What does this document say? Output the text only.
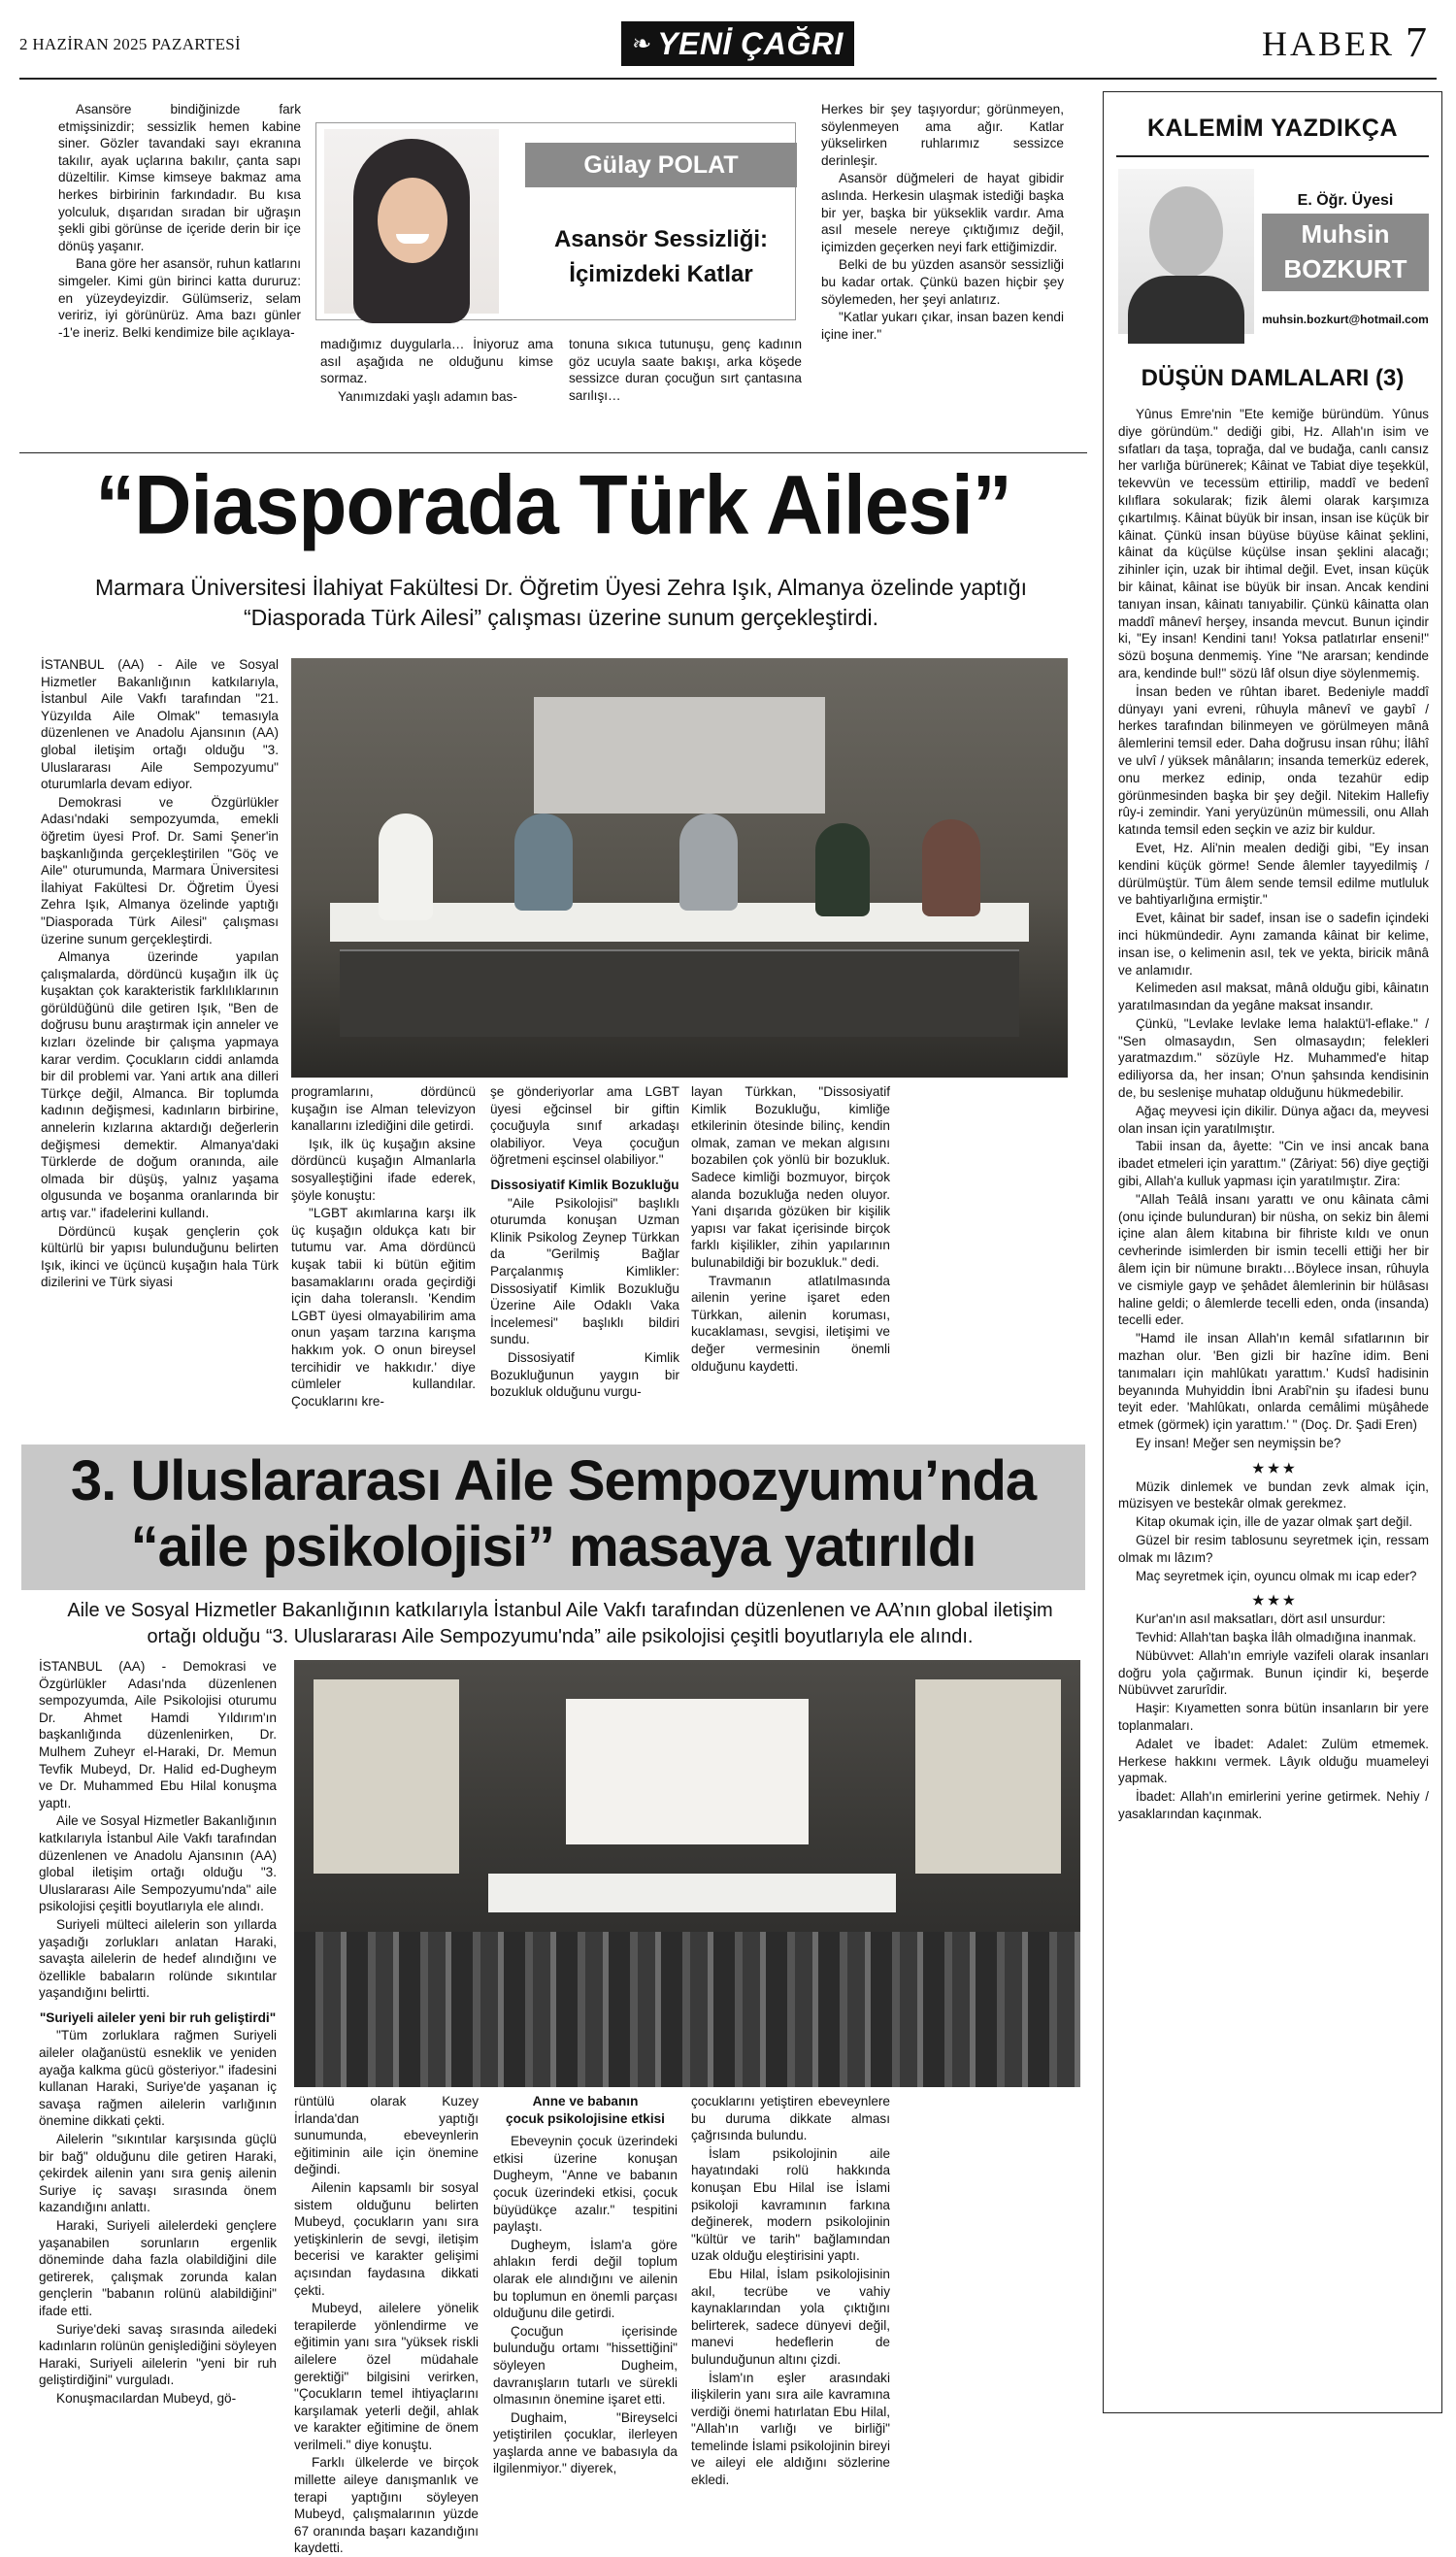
2 HAZİRAN 2025 PAZARTESİ	❧ YENİ ÇAĞRI	HABER 7

Asansöre bindiğinizde fark etmişsinizdir; sessizlik hemen kabine siner. Gözler tavandaki sayı ekranına takılır, ayak uçlarına bakılır, çanta sapı düzeltilir. Kimse kimseye bakmaz ama herkes birbirinin farkındadır. Bu kısa yolculuk, dışarıdan sıradan bir uğraşın şekli gibi görünse de içeride derin bir içe dönüş yaşanır.

Bana göre her asansör, ruhun katlarını simgeler. Kimi gün birinci katta dururuz: en yüzeydeyizdir. Gülümseriz, selam veririz, iyi görünürüz. Ama bazı günler -1'e ineriz. Belki kendimize bile açıklaya-

Gülay POLAT
Asansör Sessizliği:
İçimizdeki Katlar

madığımız duygularla… İniyoruz ama asıl aşağıda ne olduğunu kimse sormaz.

Yanımızdaki yaşlı adamın bas-

tonuna sıkıca tutunuşu, genç kadının göz ucuyla saate bakışı, arka köşede sessizce duran çocuğun sırt çantasına sarılışı…

Herkes bir şey taşıyordur; görünmeyen, söylenmeyen ama ağır. Katlar yükselirken ruhlarımız sessizce derinleşir.

Asansör düğmeleri de hayat gibidir aslında. Herkesin ulaşmak istediği başka bir yer, başka bir yükseklik vardır. Ama asıl mesele nereye çıktığımız değil, içimizden geçerken neyi fark ettiğimizdir.

Belki de bu yüzden asansör sessizliği bu kadar ortak. Çünkü bazen hiçbir şey söylemeden, her şeyi anlatırız.

"Katlar yukarı çıkar, insan bazen kendi içine iner."

“Diasporada Türk Ailesi”
Marmara Üniversitesi İlahiyat Fakültesi Dr. Öğretim Üyesi Zehra Işık, Almanya özelinde yaptığı “Diasporada Türk Ailesi” çalışması üzerine sunum gerçekleştirdi.

İSTANBUL (AA) - Aile ve Sosyal Hizmetler Bakanlığının katkılarıyla, İstanbul Aile Vakfı tarafından "21. Yüzyılda Aile Olmak" temasıyla düzenlenen ve Anadolu Ajansının (AA) global iletişim ortağı olduğu "3. Uluslararası Aile Sempozyumu" oturumlarla devam ediyor.

Demokrasi ve Özgürlükler Adası'ndaki sempozyumda, emekli öğretim üyesi Prof. Dr. Sami Şener'in başkanlığında gerçekleştirilen "Göç ve Aile" oturumunda, Marmara Üniversitesi İlahiyat Fakültesi Dr. Öğretim Üyesi Zehra Işık, Almanya özelinde yaptığı "Diasporada Türk Ailesi" çalışması üzerine sunum gerçekleştirdi.

Almanya üzerinde yapılan çalışmalarda, dördüncü kuşağın ilk üç kuşaktan çok karakteristik farklılıklarının görüldüğünü dile getiren Işık, "Ben de doğrusu bunu araştırmak için anneler ve kızları özelinde bir çalışma yapmaya karar verdim. Çocukların ciddi anlamda bir dil problemi var. Yani artık ana dilleri Türkçe değil, Almanca. Bir toplumda kadının değişmesi, kadınların birbirine, annelerin kızlarına aktardığı değerlerin değişmesi demektir. Almanya'daki Türklerde de doğum oranında, aile olmada bir düşüş, yalnız yaşama olgusunda ve boşanma oranlarında bir artış var." ifadelerini kullandı.

Dördüncü kuşak gençlerin çok kültürlü bir yapısı bulunduğunu belirten Işık, ikinci ve üçüncü kuşağın hala Türk dizilerini ve Türk siyasi

programlarını, dördüncü kuşağın ise Alman televizyon kanallarını izlediğini dile getirdi.

Işık, ilk üç kuşağın aksine dördüncü kuşağın Almanlarla sosyalleştiğini ifade ederek, şöyle konuştu:

"LGBT akımlarına karşı ilk üç kuşağın oldukça katı bir tutumu var. Ama dördüncü kuşak tabii ki bütün eğitim basamaklarını orada geçirdiği için daha toleranslı. 'Kendim LGBT üyesi olmayabilirim ama onun yaşam tarzına karışma hakkım yok. O onun bireysel tercihidir ve hakkıdır.' diye cümleler kullandılar. Çocuklarını kre-

şe gönderiyorlar ama LGBT üyesi eğcinsel bir giftin çocuğuyla sınıf arkadaşı olabiliyor. Veya çocuğun öğretmeni eşcinsel olabiliyor."

Dissosiyatif Kimlik Bozukluğu

"Aile Psikolojisi" başlıklı oturumda konuşan Uzman Klinik Psikolog Zeynep Türkkan da "Gerilmiş Bağlar Parçalanmış Kimlikler: Dissosiyatif Kimlik Bozukluğu Üzerine Aile Odaklı Vaka İncelemesi" başlıklı bildiri sundu.

Dissosiyatif Kimlik Bozukluğunun yaygın bir bozukluk olduğunu vurgu-

layan Türkkan, "Dissosiyatif Kimlik Bozukluğu, kimliğe etkilerinin ötesinde bilinç, kendin olmak, zaman ve mekan algısını bozabilen çok yönlü bir bozukluk. Sadece kimliği bozmuyor, birçok alanda bozukluğa neden oluyor. Yani dışarıda gözüken bir kişilik yapısı var fakat içerisinde birçok farklı kişilikler, zihin yapılarının bulunabildiği bir bozukluk." dedi.

Travmanın atlatılmasında ailenin yerine işaret eden Türkkan, ailenin koruması, kucaklaması, sevgisi, iletişimi ve değer vermesinin önemli olduğunu kaydetti.

3. Uluslararası Aile Sempozyumu’nda
“aile psikolojisi” masaya yatırıldı
Aile ve Sosyal Hizmetler Bakanlığının katkılarıyla İstanbul Aile Vakfı tarafından düzenlenen ve AA’nın global iletişim ortağı olduğu “3. Uluslararası Aile Sempozyumu'nda” aile psikolojisi çeşitli boyutlarıyla ele alındı.

İSTANBUL (AA) - Demokrasi ve Özgürlükler Adası'nda düzenlenen sempozyumda, Aile Psikolojisi oturumu Dr. Ahmet Hamdi Yıldırım'ın başkanlığında düzenlenirken, Dr. Mulhem Zuheyr el-Haraki, Dr. Memun Tevfik Mubeyd, Dr. Halid ed-Dugheym ve Dr. Muhammed Ebu Hilal konuşma yaptı.

Aile ve Sosyal Hizmetler Bakanlığının katkılarıyla İstanbul Aile Vakfı tarafından düzenlenen ve Anadolu Ajansının (AA) global iletişim ortağı olduğu "3. Uluslararası Aile Sempozyumu'nda" aile psikolojisi çeşitli boyutlarıyla ele alındı.

Suriyeli mülteci ailelerin son yıllarda yaşadığı zorlukları anlatan Haraki, savaşta ailelerin de hedef alındığını ve özellikle babaların rolünde sıkıntılar yaşandığını belirtti.

"Suriyeli aileler yeni bir ruh geliştirdi"

"Tüm zorluklara rağmen Suriyeli aileler olağanüstü esneklik ve yeniden ayağa kalkma gücü gösteriyor." ifadesini kullanan Haraki, Suriye'de yaşanan iç savaşa rağmen ailelerin varlığının önemine dikkati çekti.

Ailelerin "sıkıntılar karşısında güçlü bir bağ" olduğunu dile getiren Haraki, çekirdek ailenin yanı sıra geniş ailenin Suriye iç savaşı sırasında önem kazandığını anlattı.

Haraki, Suriyeli ailelerdeki gençlere yaşanabilen sorunların ergenlik döneminde daha fazla olabildiğini dile getirerek, çalışmak zorunda kalan gençlerin "babanın rolünü alabildiğini" ifade etti.

Suriye'deki savaş sırasında ailedeki kadınların rolünün genişlediğini söyleyen Haraki, Suriyeli ailelerin "yeni bir ruh geliştirdiğini" vurguladı.

Konuşmacılardan Mubeyd, gö-

rüntülü olarak Kuzey İrlanda'dan yaptığı sunumunda, ebeveynlerin eğitiminin aile için önemine değindi.

Ailenin kapsamlı bir sosyal sistem olduğunu belirten Mubeyd, çocukların yanı sıra yetişkinlerin de sevgi, iletişim becerisi ve karakter gelişimi açısından faydasına dikkati çekti.

Mubeyd, ailelere yönelik terapilerde yönlendirme ve eğitimin yanı sıra "yüksek riskli ailelere özel müdahale gerektiği" bilgisini verirken, "Çocukların temel ihtiyaçlarını karşılamak yeterli değil, ahlak ve karakter eğitimine de önem verilmeli." diye konuştu.

Farklı ülkelerde ve birçok millette aileye danışmanlık ve terapi yaptığını söyleyen Mubeyd, çalışmalarının yüzde 67 oranında başarı kazandığını kaydetti.

Anne ve babanın

çocuk psikolojisine etkisi

Ebeveynin çocuk üzerindeki etkisi üzerine konuşan Dugheym, "Anne ve babanın çocuk üzerindeki etkisi, çocuk büyüdükçe azalır." tespitini paylaştı.

Dugheym, İslam'a göre ahlakın ferdi değil toplum olarak ele alındığını ve ailenin bu toplumun en önemli parçası olduğunu dile getirdi.

Çocuğun içerisinde bulunduğu ortamı "hissettiğini" söyleyen Dugheim, davranışların tutarlı ve sürekli olmasının önemine işaret etti.

Dughaim, "Bireyselci yetiştirilen çocuklar, ilerleyen yaşlarda anne ve babasıyla da ilgilenmiyor." diyerek,

çocuklarını yetiştiren ebeveynlere bu duruma dikkate alması çağrısında bulundu.

İslam psikolojinin aile hayatındaki rolü hakkında konuşan Ebu Hilal ise İslami psikoloji kavramının farkına değinerek, modern psikolojinin "kültür ve tarih" bağlamından uzak olduğu eleştirisini yaptı.

Ebu Hilal, İslam psikolojisinin akıl, tecrübe ve vahiy kaynaklarından yola çıktığını belirterek, sadece dünyevi değil, manevi hedeflerin de bulunduğunun altını çizdi.

İslam'ın eşler arasındaki ilişkilerin yanı sıra aile kavramına verdiği önemi hatırlatan Ebu Hilal, "Allah'ın varlığı ve birliği" temelinde İslami psikolojinin bireyi ve aileyi ele aldığını sözlerine ekledi.

KALEMİM YAZDIKÇA
E. Öğr. Üyesi
Muhsin
BOZKURT
muhsin.bozkurt@hotmail.com
DÜŞÜN DAMLALARI (3)

Yûnus Emre'nin "Ete kemiğe büründüm. Yûnus diye göründüm." dediği gibi, Hz. Allah'ın isim ve sıfatları da taşa, toprağa, dal ve budağa, canlı cansız her varlığa bürünerek; Kâinat ve Tabiat diye teşekkül, tekevvün ve tecessüm ettirilip, maddî ve bedenî kılıflara sokularak; fizik âlemi olarak karşımıza çıkartılmış. Kâinat büyük bir insan, insan ise küçük bir kâinat. Çünkü insan büyüse büyüse kâinat şeklini, kâinat da küçülse küçülse insan şeklini alacağı; zihinler için, uzak bir ihtimal değil. Evet, insan küçük bir kâinat, kâinat ise büyük bir insan. Ancak kendini tanıyan insan, kâinatı tanıyabilir. Çünkü kâinatta olan maddî mânevî herşey, insanda mevcut. Bunun içindir ki, "Ey insan! Kendini tanı! Yoksa patlatırlar enseni!" sözü boşuna denmemiş. Yine "Ne ararsan; kendinde ara, kendinde bul!" sözü lâf olsun diye söylenmemiş.

İnsan beden ve rûhtan ibaret. Bedeniyle maddî dünyayı yani evreni, rûhuyla mânevî ve gaybî / herkes tarafından bilinmeyen ve görülmeyen mânâ âlemlerini temsil eder. Daha doğrusu insan rûhu; İlâhî ve ulvî / yüksek mânâların; insanda temerküz ederek, onu merkez edinip, onda tezahür edip görünmesinden başka bir şey değil. Nitekim Hallefiy rûy-i zemindir. Yani yeryüzünün mümessili, onu Allah katında temsil eden seçkin ve aziz bir kuldur.

Evet, Hz. Ali'nin mealen dediği gibi, "Ey insan kendini küçük görme! Sende âlemler tayyedilmiş / dürülmüştür. Tüm âlem sende temsil edilme mutluluk ve bahtiyarlığına ermiştir."

Evet, kâinat bir sadef, insan ise o sadefin içindeki inci hükmündedir. Aynı zamanda kâinat bir kelime, insan ise, o kelimenin asıl, tek ve yekta, biricik mânâ ve anlamıdır.

Kelimeden asıl maksat, mânâ olduğu gibi, kâinatın yaratılmasından da yegâne maksat insandır.

Çünkü, "Levlake levlake lema halaktü'l-eflake." / "Sen olmasaydın, Sen olmasaydın; felekleri yaratmazdım." sözüyle Hz. Muhammed'e hitap ediliyorsa da, her insan; O'nun şahsında kendisinin de, bu seslenişe muhatap olduğunu hükmedebilir.

Ağaç meyvesi için dikilir. Dünya ağacı da, meyvesi olan insan için yaratılmıştır.

Tabii insan da, âyette: "Cin ve insi ancak bana ibadet etmeleri için yarattım." (Zâriyat: 56) diye geçtiği gibi, Allah'a kulluk yapması için yaratılmıştır. Zira:

"Allah Teâlâ insanı yarattı ve onu kâinata câmi (onu içinde bulunduran) bir nüsha, on sekiz bin âlemi içine alan âlem kitabına bir fihriste kıldı ve onun cevherinde isimlerden bir ismin tecelli ettiği her bir âlem için bir nümune bıraktı…Böylece insan, rûhuyla ve cismiyle gayp ve şehâdet âlemlerinin bir hülâsası haline geldi; o âlemlerde tecelli eden, onda (insanda) tecelli eder.

"Hamd ile insan Allah'ın kemâl sıfatlarının bir mazhan olur. 'Ben gizli bir hazîne idim. Beni tanımaları için mahlûkatı yarattım.' Kudsî hadisinin beyanında Muhyiddin İbni Arabî'nin şu ifadesi bunu teyit eder. 'Mahlûkatı, onlarda cemâlimi müşâhede etmek (görmek) için yarattım.' " (Doç. Dr. Şadi Eren)

Ey insan! Meğer sen neymişsin be?

★ ★ ★

Müzik dinlemek ve bundan zevk almak için, müzisyen ve bestekâr olmak gerekmez.

Kitap okumak için, ille de yazar olmak şart değil.

Güzel bir resim tablosunu seyretmek için, ressam olmak mı lâzım?

Maç seyretmek için, oyuncu olmak mı icap eder?

★ ★ ★

Kur'an'ın asıl maksatları, dört asıl unsurdur:

Tevhid: Allah'tan başka İlâh olmadığına inanmak.

Nübüvvet: Allah'ın emriyle vazifeli olarak insanları doğru yola çağırmak. Bunun içindir ki, beşerde Nübüvvet zarurîdir.

Haşir: Kıyametten sonra bütün insanların bir yere toplanmaları.

Adalet ve İbadet: Adalet: Zulüm etmemek. Herkese hakkını vermek. Lâyık olduğu muameleyi yapmak.

İbadet: Allah'ın emirlerini yerine getirmek. Nehiy / yasaklarından kaçınmak.
